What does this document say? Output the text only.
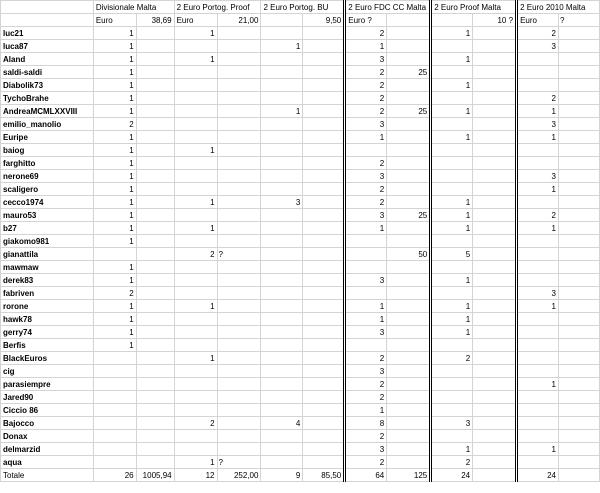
	Divisionale Malta		2 Euro Portog. Proof		2 Euro Portog. BU		2 Euro FDC CC Malta		2 Euro Proof Malta		2 Euro 2010 Malta	
	Euro	38,69	Euro	21,00		9,50	Euro ?			10 ?	Euro	?
luc21	1		1				2		1		2	
luca87	1				1		1				3	
Aland	1		1				3		1			
saldi-saldi	1						2	25				
Diabolik73	1						2		1			
TychoBrahe	1						2				2	
AndreaMCMLXXVIII	1				1		2	25	1		1	
emilio_manolio	2						3				3	
Euripe	1						1		1		1	
baiog	1		1									
farghitto	1						2					
nerone69	1						3				3	
scaligero	1						2				1	
cecco1974	1		1		3		2		1			
mauro53	1						3	25	1		2	
b27	1		1				1		1		1	
giakomo981	1											
gianattila			2	?				50	5			
mawmaw	1											
derek83	1						3		1			
fabriven	2										3	
rorone	1		1				1		1		1	
hawk78	1						1		1			
gerry74	1						3		1			
Berfis	1											
BlackEuros			1				2		2			
cig							3					
parasiempre							2				1	
Jared90							2					
Ciccio 86							1					
Bajocco			2		4		8		3			
Donax							2					
delmarzid							3		1		1	
aqua			1	?			2		2			
Totale	26	1005,94	12	252,00	9	85,50	64	125	24		24	
